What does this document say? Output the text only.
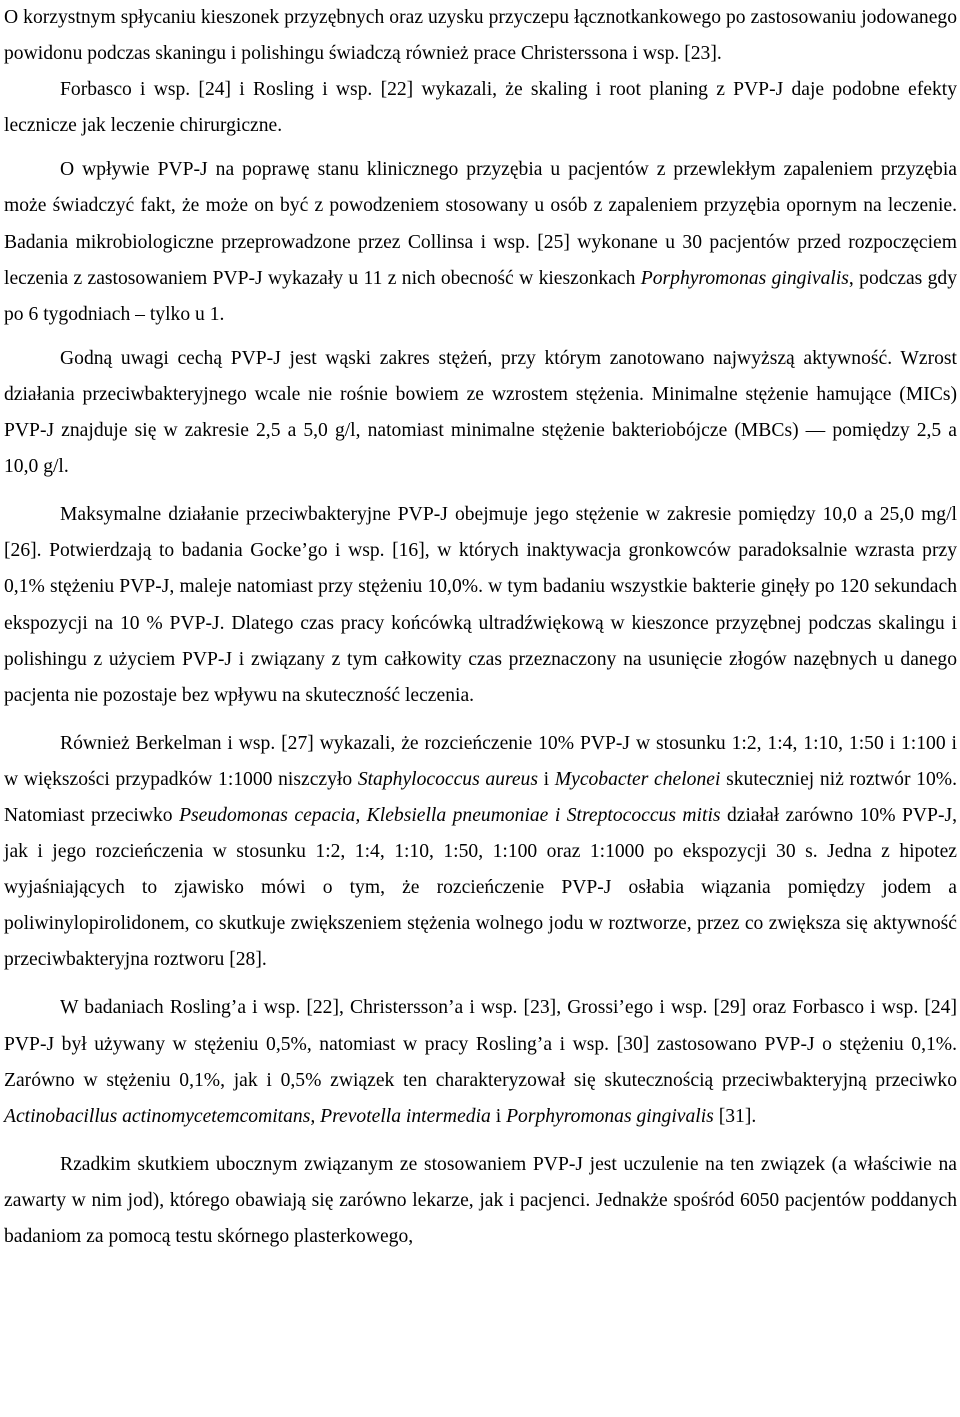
O korzystnym spłycaniu kieszonek przyzębnych oraz uzysku przyczepu łącznotkankowego po zastosowaniu jodowanego powidonu podczas skaningu i polishingu świadczą również prace Christerssona i wsp. [23].

Forbasco i wsp. [24] i Rosling i wsp. [22] wykazali, że skaling i root planing z PVP-J daje podobne efekty lecznicze jak leczenie chirurgiczne.

O wpływie PVP-J na poprawę stanu klinicznego przyzębia u pacjentów z przewlekłym zapaleniem przyzębia może świadczyć fakt, że może on być z powodzeniem stosowany u osób z zapaleniem przyzębia opornym na leczenie. Badania mikrobiologiczne przeprowadzone przez Collinsa i wsp. [25] wykonane u 30 pacjentów przed rozpoczęciem leczenia z zastosowaniem PVP-J wykazały u 11 z nich obecność w kieszonkach Porphyromonas gingivalis, podczas gdy po 6 tygodniach – tylko u 1.

Godną uwagi cechą PVP-J jest wąski zakres stężeń, przy którym zanotowano najwyższą aktywność. Wzrost działania przeciwbakteryjnego wcale nie rośnie bowiem ze wzrostem stężenia. Minimalne stężenie hamujące (MICs) PVP-J znajduje się w zakresie 2,5 a 5,0 g/l, natomiast minimalne stężenie bakteriobójcze (MBCs) — pomiędzy 2,5 a 10,0 g/l.

Maksymalne działanie przeciwbakteryjne PVP-J obejmuje jego stężenie w zakresie pomiędzy 10,0 a 25,0 mg/l [26]. Potwierdzają to badania Gocke’go i wsp. [16], w których inaktywacja gronkowców paradoksalnie wzrasta przy 0,1% stężeniu PVP-J, maleje natomiast przy stężeniu 10,0%. w tym badaniu wszystkie bakterie ginęły po 120 sekundach ekspozycji na 10 % PVP-J. Dlatego czas pracy końcówką ultradźwiękową w kieszonce przyzębnej podczas skalingu i polishingu z użyciem PVP-J i związany z tym całkowity czas przeznaczony na usunięcie złogów nazębnych u danego pacjenta nie pozostaje bez wpływu na skuteczność leczenia.

Również Berkelman i wsp. [27] wykazali, że rozcieńczenie 10% PVP-J w stosunku 1:2, 1:4, 1:10, 1:50 i 1:100 i w większości przypadków 1:1000 niszczyło Staphylococcus aureus i Mycobacter chelonei skuteczniej niż roztwór 10%. Natomiast przeciwko Pseudomonas cepacia, Klebsiella pneumoniae i Streptococcus mitis działał zarówno 10% PVP-J, jak i jego rozcieńczenia w stosunku 1:2, 1:4, 1:10, 1:50, 1:100 oraz 1:1000 po ekspozycji 30 s. Jedna z hipotez wyjaśniających to zjawisko mówi o tym, że rozcieńczenie PVP-J osłabia wiązania pomiędzy jodem a poliwinylopirolidonem, co skutkuje zwiększeniem stężenia wolnego jodu w roztworze, przez co zwiększa się aktywność przeciwbakteryjna roztworu [28].

W badaniach Rosling’a i wsp. [22], Christersson’a i wsp. [23], Grossi’ego i wsp. [29] oraz Forbasco i wsp. [24] PVP-J był używany w stężeniu 0,5%, natomiast w pracy Rosling’a i wsp. [30] zastosowano PVP-J o stężeniu 0,1%. Zarówno w stężeniu 0,1%, jak i 0,5% związek ten charakteryzował się skutecznością przeciwbakteryjną przeciwko Actinobacillus actinomycetemcomitans, Prevotella intermedia i Porphyromonas gingivalis [31].

Rzadkim skutkiem ubocznym związanym ze stosowaniem PVP-J jest uczulenie na ten związek (a właściwie na zawarty w nim jod), którego obawiają się zarówno lekarze, jak i pacjenci. Jednakże spośród 6050 pacjentów poddanych badaniom za pomocą testu skórnego plasterkowego,
